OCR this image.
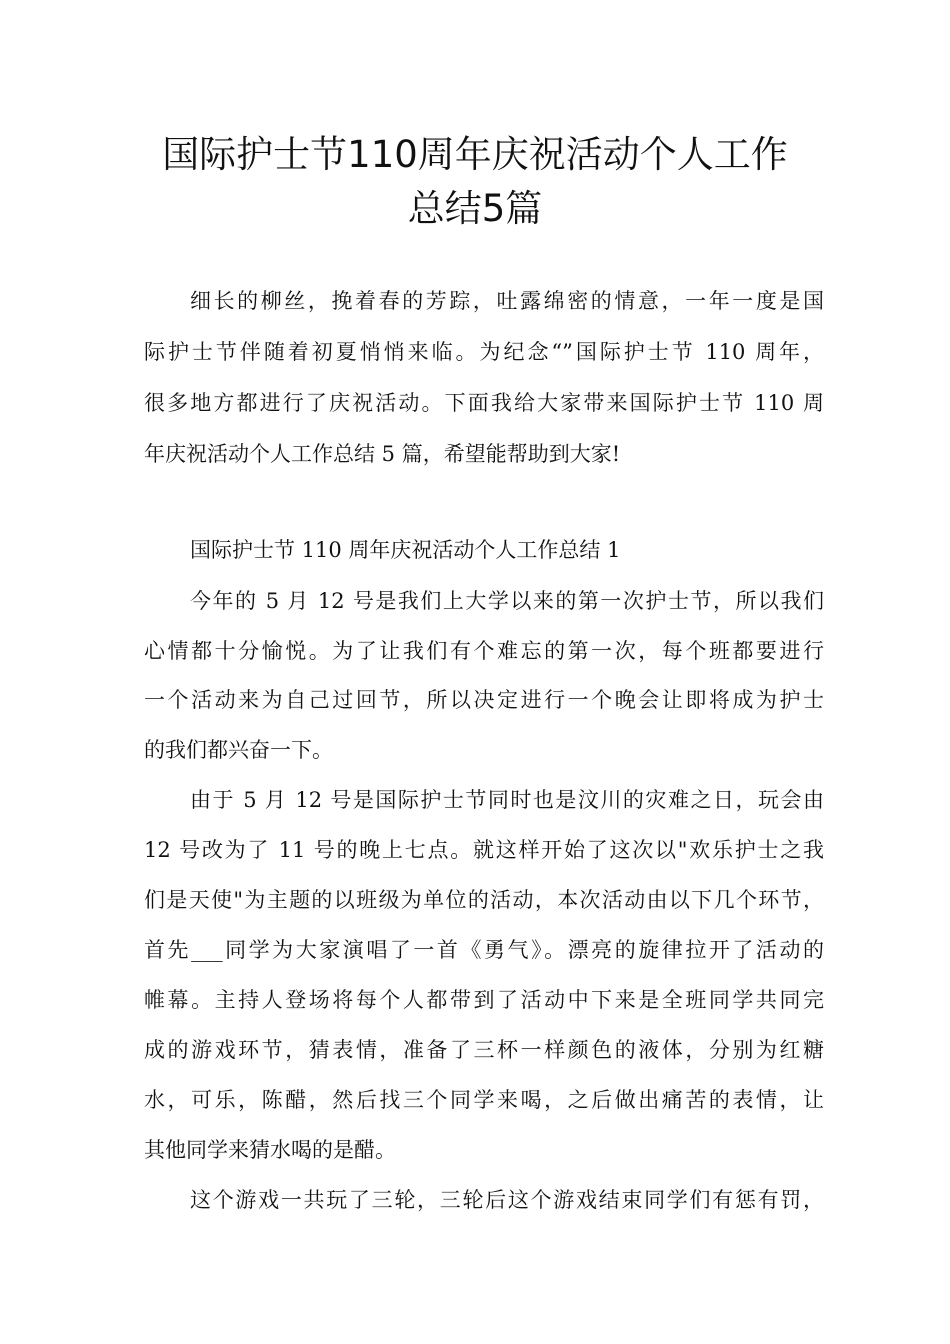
国际护士节110周年庆祝活动个人工作
总结5篇
细长的柳丝，挽着春的芳踪，吐露绵密的情意，一年一度是国
际护士节伴随着初夏悄悄来临。为纪念“”国际护士节 110 周年，
很多地方都进行了庆祝活动。下面我给大家带来国际护士节 110 周
年庆祝活动个人工作总结 5 篇，希望能帮助到大家!
国际护士节 110 周年庆祝活动个人工作总结 1
今年的 5 月 12 号是我们上大学以来的第一次护士节，所以我们
心情都十分愉悦。为了让我们有个难忘的第一次，每个班都要进行
一个活动来为自己过回节，所以决定进行一个晚会让即将成为护士
的我们都兴奋一下。
由于 5 月 12 号是国际护士节同时也是汶川的灾难之日，玩会由
12 号改为了 11 号的晚上七点。就这样开始了这次以"欢乐护士之我
们是天使"为主题的以班级为单位的活动，本次活动由以下几个环节，
首先___同学为大家演唱了一首《勇气》。漂亮的旋律拉开了活动的
帷幕。主持人登场将每个人都带到了活动中下来是全班同学共同完
成的游戏环节，猜表情，准备了三杯一样颜色的液体，分别为红糖
水，可乐，陈醋，然后找三个同学来喝，之后做出痛苦的表情，让
其他同学来猜水喝的是醋。
这个游戏一共玩了三轮，三轮后这个游戏结束同学们有惩有罚，
